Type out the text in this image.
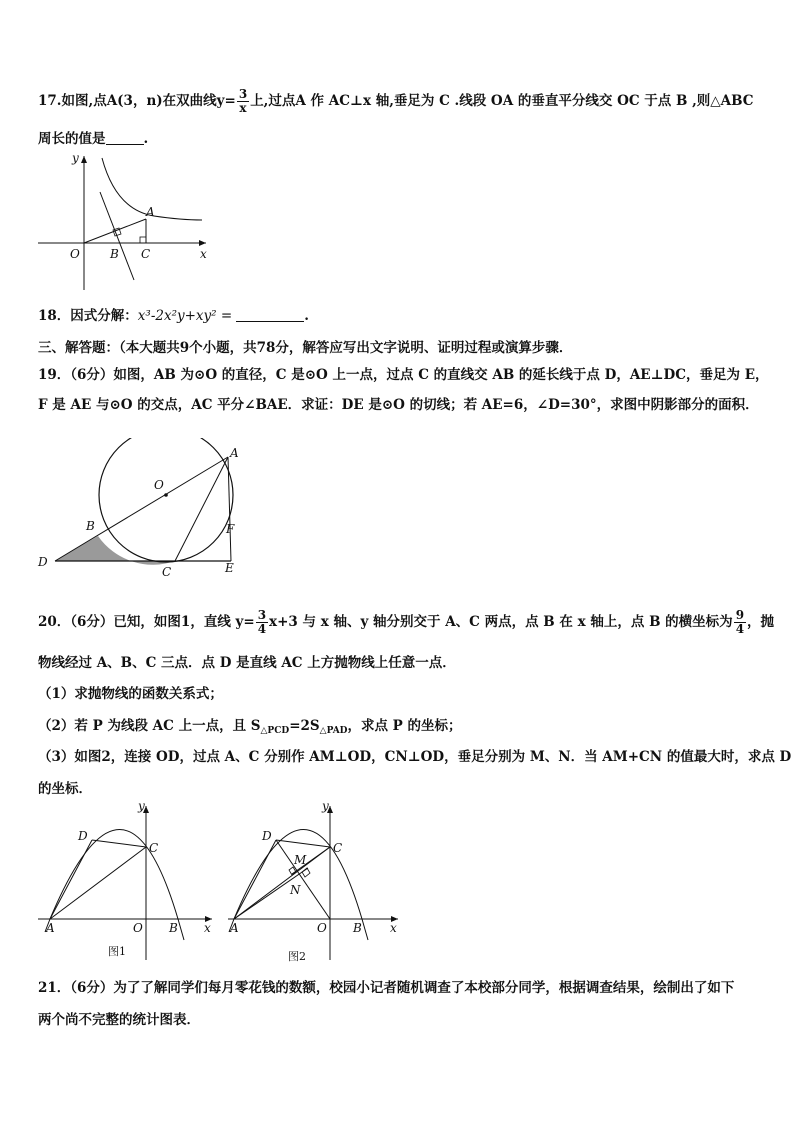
17.如图,点A(3，n)在双曲线$y= \frac{3}{x}$ 上,过点A 作 AC⊥x 轴,垂足为 C .线段 OA 的垂直平分线交 OC 于点 B ,则△ABC
周长的值是	.
y
x
O
A
B C
18．因式分解：x³-2x²y+xy² =	.
三、解答题：（本大题共9个小题，共78分，解答应写出文字说明、证明过程或演算步骤．
19．（6分）如图，AB 为⊙O 的直径，C 是⊙O 上一点，过点 C 的直线交 AB 的延长线于点 D，AE⊥DC，垂足为 E，
F 是 AE 与⊙O 的交点，AC 平分∠BAE．求证：DE 是⊙O 的切线；若 AE=6，∠D=30°，求图中阴影部分的面积．
A
O
B	F
D
C	E
20．（6分）已知，如图1，直线 $y= \frac{3}{4} x+3$ 与 x 轴、y 轴分别交于 A、C 两点，点 B 在 x 轴上，点 B 的横坐标为 $\frac{9}{4}$ ，抛
物线经过 A、B、C 三点．点 D 是直线 AC 上方抛物线上任意一点．
（1）求抛物线的函数关系式；
（2）若 P 为线段 AC 上一点，且 $S_{\triangle PCD}=2S_{\triangle PAD}$，求点 P 的坐标；
（3）如图2，连接 OD，过点 A、C 分别作 AM⊥OD，CN⊥OD，垂足分别为 M、N．当 AM+CN 的值最大时，求点 D
的坐标．
y
x
D
C
A	O B
图1
y
x
D
C
M
N
A	O B
图2
21．（6分）为了了解同学们每月零花钱的数额，校园小记者随机调查了本校部分同学，根据调查结果，绘制出了如下
两个尚不完整的统计图表．
